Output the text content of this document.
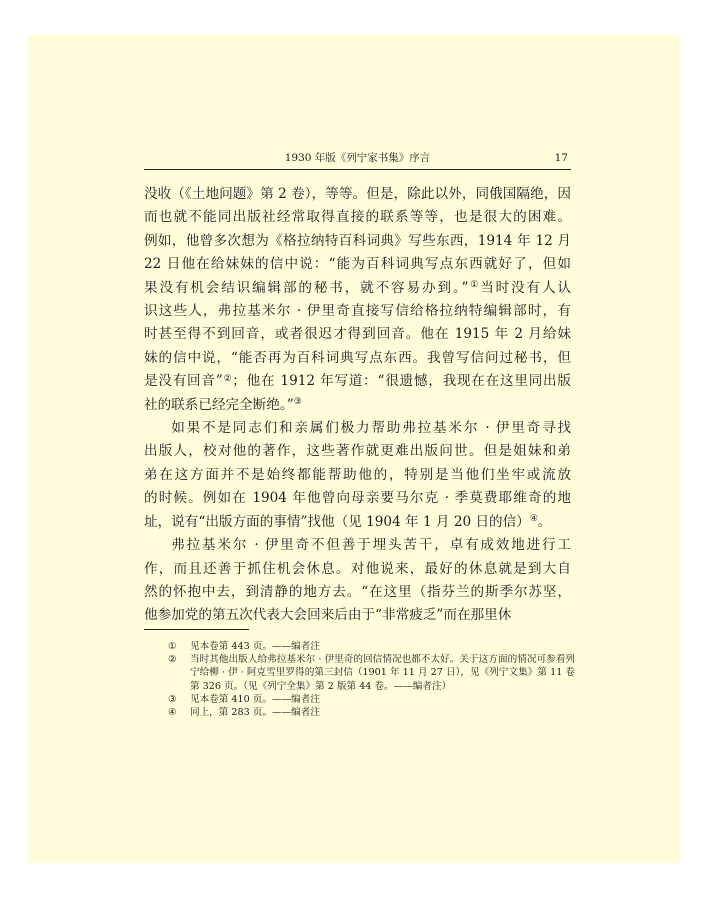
1930 年版《列宁家书集》序言	17
没收（《土地问题》第 2 卷），等等。但是，除此以外，同俄国隔绝，因
而也就不能同出版社经常取得直接的联系等等，也是很大的困难。
例如，他曾多次想为《格拉纳特百科词典》写些东西，1914 年 12 月
22 日他在给妹妹的信中说：“能为百科词典写点东西就好了，但如
果没有机会结识编辑部的秘书，就不容易办到。”①当时没有人认
识这些人，弗拉基米尔 · 伊里奇直接写信给格拉纳特编辑部时，有
时甚至得不到回音，或者很迟才得到回音。他在 1915 年 2 月给妹
妹的信中说，“能否再为百科词典写点东西。我曾写信问过秘书，但
是没有回音”②；他在 1912 年写道：“很遗憾，我现在在这里同出版
社的联系已经完全断绝。”③
如果不是同志们和亲属们极力帮助弗拉基米尔 · 伊里奇寻找
出版人，校对他的著作，这些著作就更难出版问世。但是姐妹和弟
弟在这方面并不是始终都能帮助他的，特别是当他们坐牢或流放
的时候。例如在 1904 年他曾向母亲要马尔克 · 季莫费耶维奇的地
址，说有“出版方面的事情”找他（见 1904 年 1 月 20 日的信）④。
弗拉基米尔 · 伊里奇不但善于埋头苦干，卓有成效地进行工
作，而且还善于抓住机会休息。对他说来，最好的休息就是到大自
然的怀抱中去，到清静的地方去。“在这里（指芬兰的斯季尔苏坚，
他参加党的第五次代表大会回来后由于“非常疲乏”而在那里休
① 见本卷第 443 页。——编者注
② 当时其他出版人给弗拉基米尔 · 伊里奇的回信情况也都不太好。关于这方面的情况可参看列宁给柳 · 伊 · 阿克雪里罗得的第三封信（1901 年 11 月 27 日），见《列宁文集》第 11 卷第 326 页。（见《列宁全集》第 2 版第 44 卷。——编者注）
③ 见本卷第 410 页。——编者注
④ 同上，第 283 页。——编者注
